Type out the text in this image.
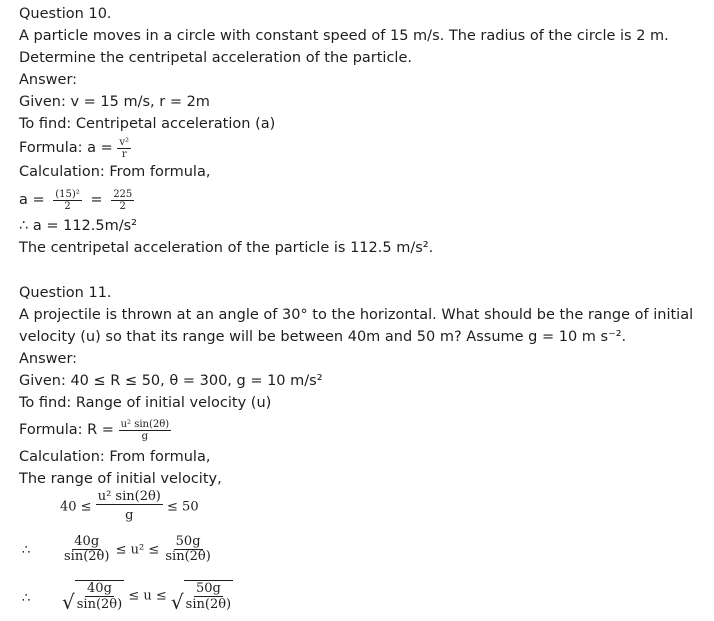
Question 10.
A particle moves in a circle with constant speed of 15 m/s. The radius of the circle is 2 m.
Determine the centripetal acceleration of the particle.
Answer:
Given: v = 15 m/s, r = 2m
To find: Centripetal acceleration (a)
Formula: $a = \frac{\text{v²}}{r}$
Calculation: From formula,
$a = \frac{\text{(15)²}}{2} = \frac{225}{2}$
∴ a = 112.5m/s²
The centripetal acceleration of the particle is 112.5 m/s².
Question 11.
A projectile is thrown at an angle of 30° to the horizontal. What should be the range of initial
velocity (u) so that its range will be between 40m and 50 m? Assume g = 10 m s⁻².
Answer:
Given: 40 ≤ R ≤ 50, θ = 300, g = 10 m/s²
To find: Range of initial velocity (u)
Formula: $R = \frac{\text{u² sin(2θ)}}{g}$
Calculation: From formula,
The range of initial velocity,
$40 \le \frac{\text{u² sin(2θ)}}{g} \le 50$
∴ $\frac{40g}{\sin(2\theta)} \le u^2 \le \frac{50g}{\sin(2\theta)}$
∴ √ $\frac{40g}{\sin(2\theta)} \le u$ ≤ √ $\frac{50g}{\sin(2\theta)}$
